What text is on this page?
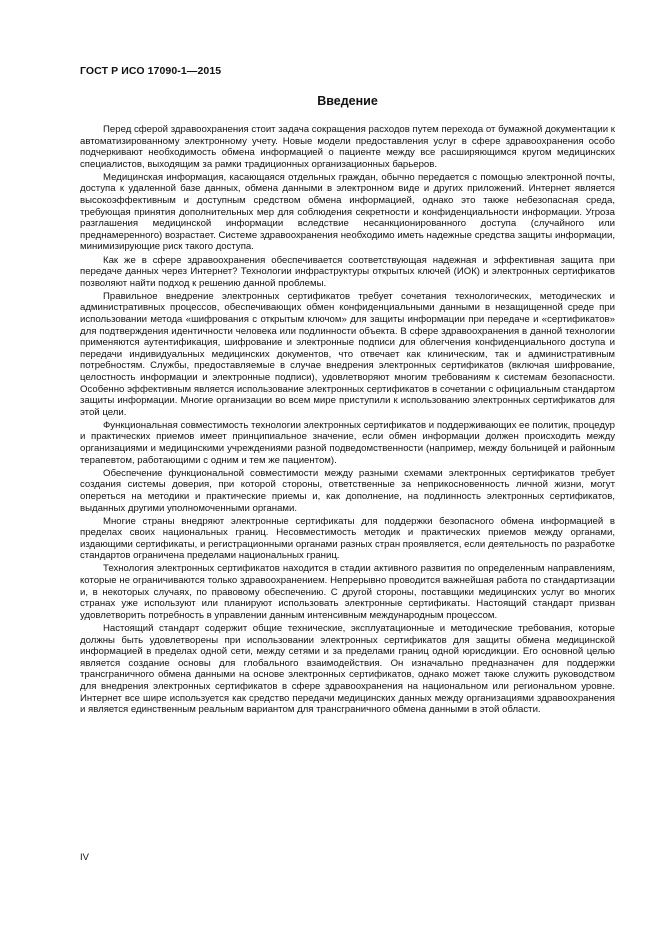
ГОСТ Р ИСО 17090-1—2015
Введение

Перед сферой здравоохранения стоит задача сокращения расходов путем перехода от бумажной документации к автоматизированному электронному учету. Новые модели предоставления услуг в сфере здравоохранения особо подчеркивают необходимость обмена информацией о пациенте между все расширяющимся кругом медицинских специалистов, выходящим за рамки традиционных организационных барьеров.

Медицинская информация, касающаяся отдельных граждан, обычно передается с помощью электронной почты, доступа к удаленной базе данных, обмена данными в электронном виде и других приложений. Интернет является высокоэффективным и доступным средством обмена информацией, однако это также небезопасная среда, требующая принятия дополнительных мер для соблюдения секретности и конфиденциальности информации. Угроза разглашения медицинской информации вследствие несанкционированного доступа (случайного или преднамеренного) возрастает. Системе здравоохранения необходимо иметь надежные средства защиты информации, минимизирующие риск такого доступа.

Как же в сфере здравоохранения обеспечивается соответствующая надежная и эффективная защита при передаче данных через Интернет? Технологии инфраструктуры открытых ключей (ИОК) и электронных сертификатов позволяют найти подход к решению данной проблемы.

Правильное внедрение электронных сертификатов требует сочетания технологических, методических и административных процессов, обеспечивающих обмен конфиденциальными данными в незащищенной среде при использовании метода «шифрования с открытым ключом» для защиты информации при передаче и «сертификатов» для подтверждения идентичности человека или подлинности объекта. В сфере здравоохранения в данной технологии применяются аутентификация, шифрование и электронные подписи для облегчения конфиденциального доступа и передачи индивидуальных медицинских документов, что отвечает как клиническим, так и административным потребностям. Службы, предоставляемые в случае внедрения электронных сертификатов (включая шифрование, целостность информации и электронные подписи), удовлетворяют многим требованиям к системам безопасности. Особенно эффективным является использование электронных сертификатов в сочетании с официальным стандартом защиты информации. Многие организации во всем мире приступили к использованию электронных сертификатов для этой цели.

Функциональная совместимость технологии электронных сертификатов и поддерживающих ее политик, процедур и практических приемов имеет принципиальное значение, если обмен информации должен происходить между организациями и медицинскими учреждениями разной подведомственности (например, между больницей и районным терапевтом, работающими с одним и тем же пациентом).

Обеспечение функциональной совместимости между разными схемами электронных сертификатов требует создания системы доверия, при которой стороны, ответственные за неприкосновенность личной жизни, могут опереться на методики и практические приемы и, как дополнение, на подлинность электронных сертификатов, выданных другими уполномоченными органами.

Многие страны внедряют электронные сертификаты для поддержки безопасного обмена информацией в пределах своих национальных границ. Несовместимость методик и практических приемов между органами, издающими сертификаты, и регистрационными органами разных стран проявляется, если деятельность по разработке стандартов ограничена пределами национальных границ.

Технология электронных сертификатов находится в стадии активного развития по определенным направлениям, которые не ограничиваются только здравоохранением. Непрерывно проводится важнейшая работа по стандартизации и, в некоторых случаях, по правовому обеспечению. С другой стороны, поставщики медицинских услуг во многих странах уже используют или планируют использовать электронные сертификаты. Настоящий стандарт призван удовлетворить потребность в управлении данным интенсивным международным процессом.

Настоящий стандарт содержит общие технические, эксплуатационные и методические требования, которые должны быть удовлетворены при использовании электронных сертификатов для защиты обмена медицинской информацией в пределах одной сети, между сетями и за пределами границ одной юрисдикции. Его основной целью является создание основы для глобального взаимодействия. Он изначально предназначен для поддержки трансграничного обмена данными на основе электронных сертификатов, однако может также служить руководством для внедрения электронных сертификатов в сфере здравоохранения на национальном или региональном уровне. Интернет все шире используется как средство передачи медицинских данных между организациями здравоохранения и является единственным реальным вариантом для трансграничного обмена данными в этой области.

IV
